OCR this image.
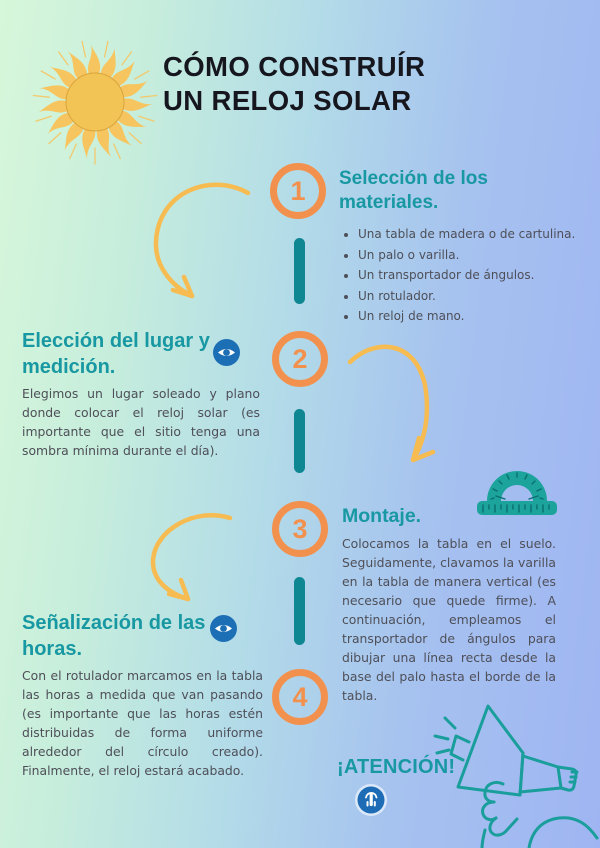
CÓMO CONSTRUÍR
UN RELOJ SOLAR
1 Selección de los materiales.
• Una tabla de madera o de cartulina.
• Un palo o varilla.
• Un transportador de ángulos.
• Un rotulador.
• Un reloj de mano.
Elección del lugar y medición.
Elegimos un lugar soleado y plano donde colocar el reloj solar (es importante que el sitio tenga una sombra mínima durante el día).
2
3 Montaje.
Colocamos la tabla en el suelo. Seguidamente, clavamos la varilla en la tabla de manera vertical (es necesario que quede firme). A continuación, empleamos el transportador de ángulos para dibujar una línea recta desde la base del palo hasta el borde de la tabla.
Señalización de las horas.
Con el rotulador marcamos en la tabla las horas a medida que van pasando (es importante que las horas estén distribuidas de forma uniforme alrededor del círculo creado). Finalmente, el reloj estará acabado.
4
¡ATENCIÓN!
